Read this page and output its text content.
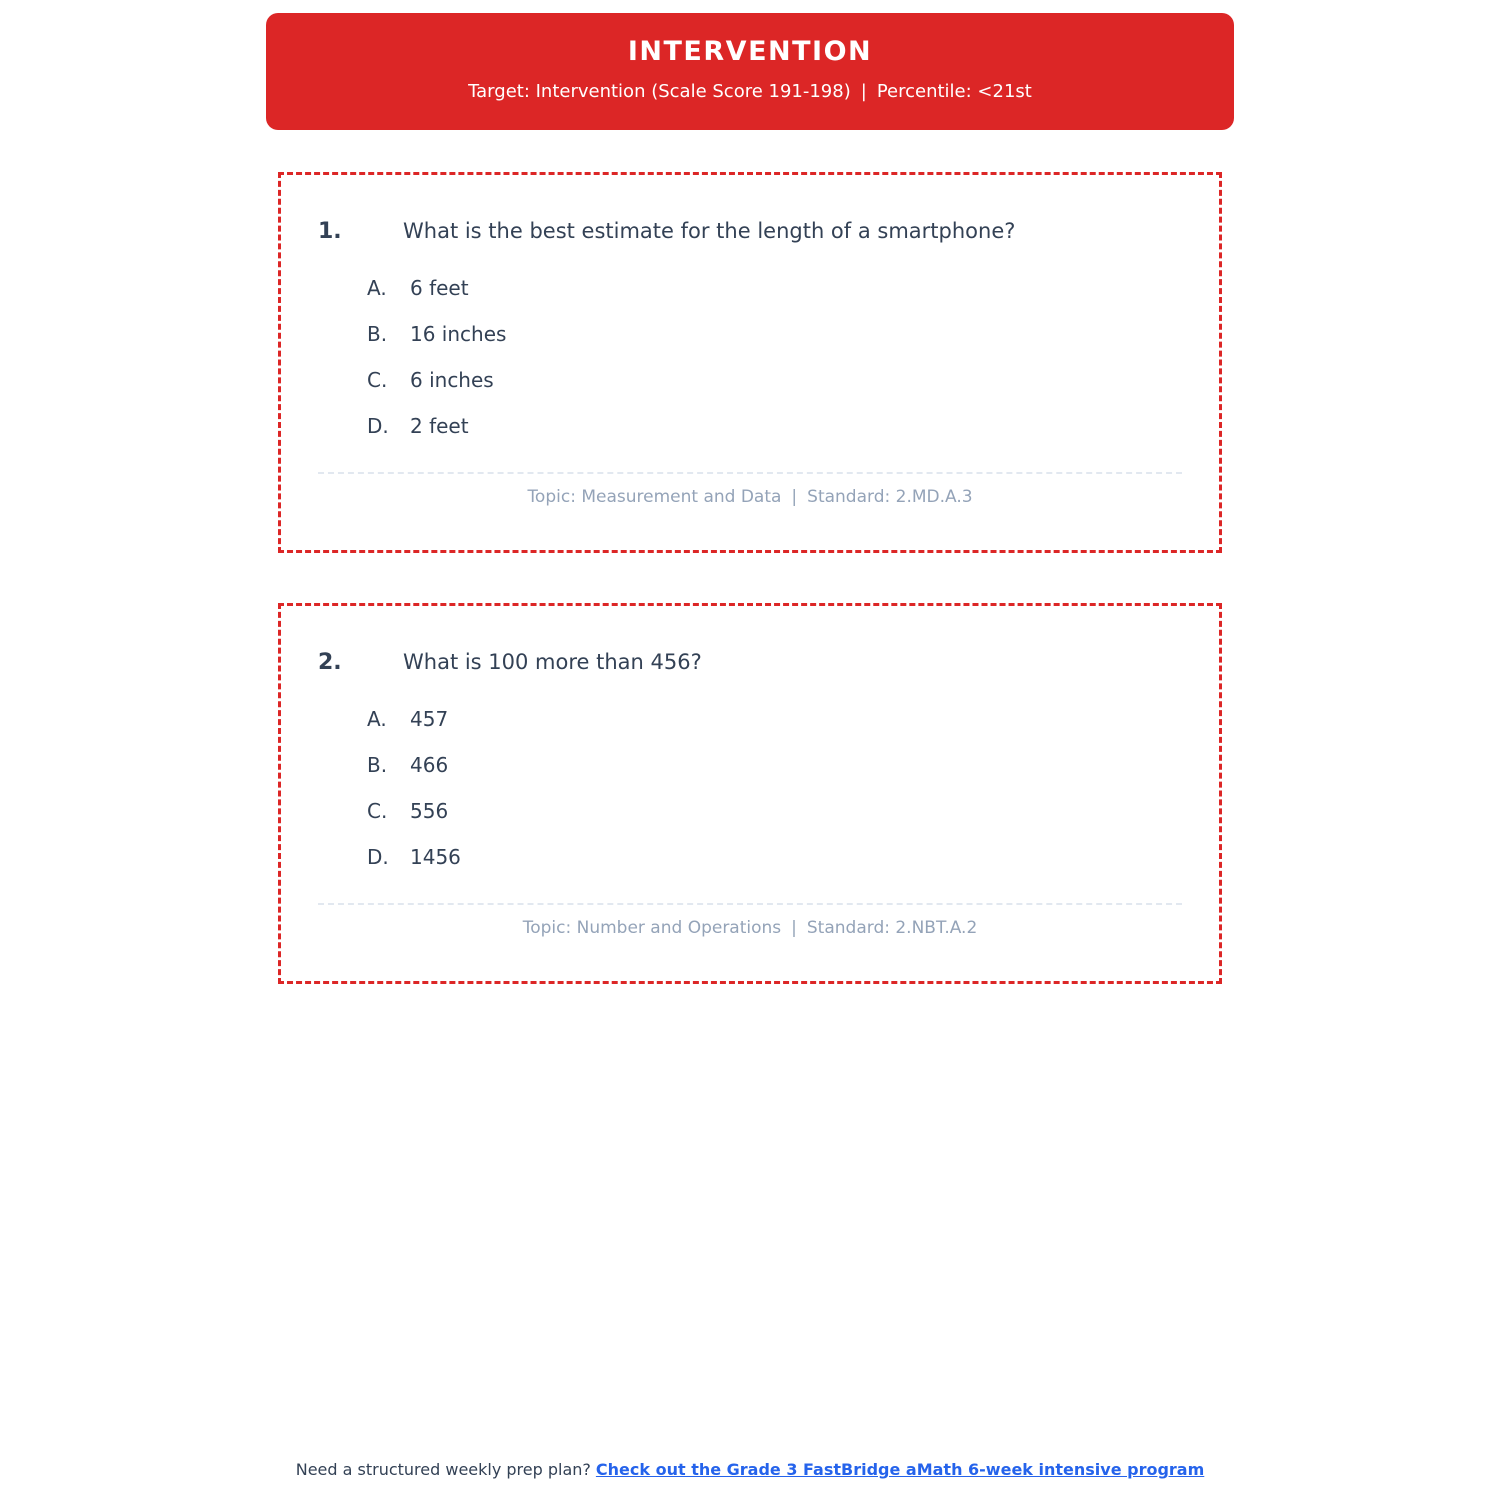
INTERVENTION
Target: Intervention (Scale Score 191-198) | Percentile: <21st
1.	What is the best estimate for the length of a smartphone?
A.	6 feet
B.	16 inches
C.	6 inches
D.	2 feet
Topic: Measurement and Data | Standard: 2.MD.A.3
2.	What is 100 more than 456?
A.	457
B.	466
C.	556
D.	1456
Topic: Number and Operations | Standard: 2.NBT.A.2
Need a structured weekly prep plan? Check out the Grade 3 FastBridge aMath 6-week intensive program
